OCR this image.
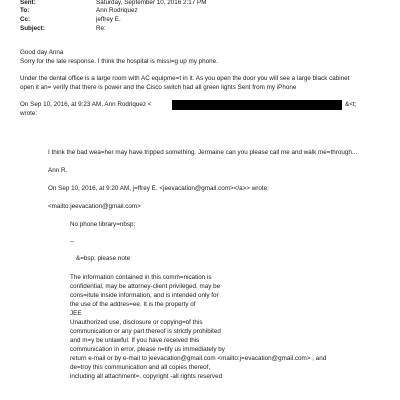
Sent:	Saturday, September 10, 2016 2:17 PM
To:	Ann Rodriquez
Cc:	jeffrey E.
Subject:	Re:
Good day Anna
Sorry for the late response. I think the hospital is missi=g up my phone.
Under the dental office is a large room with AC equipme=t in it. As you open the door you will see a large black cabinet
open it an= verify that there is power and the Cisco switch had all green lights Sent from my iPhone
On Sep 10, 2016, at 9:23 AM, Ann Rodriquez <	&<t;
wrote:
I think the bad wea=her may have tripped something. Jermaine can you please call me and walk me=through...
Ann R.
On Sep 10, 2016, at 9:20 AM, j=ffrey E. <jeevacation@gmail.com></a>> wrote:
<mailto:jeevacation@gmail.com>
No phone library=nbsp;
--
&=bsp; please note
The information contained in this comm=nication is
confidential, may be attorney-client privileged, may be
cons=itute inside information, and is intended only for
the use of the addres=ee. It is the property of
JEE
Unauthorized use, disclosure or copying=of this
communication or any part thereof is strictly prohibited
and m=y be unlawful. If you have received this
communication in error, please n=tify us immediately by
return e-mail or by e-mail to jeevacation@gmail.com <mailto:j=evacation@gmail.com> , and
de=troy this communication and all copies thereof,
including all attachment=. copyright -all rights reserved
